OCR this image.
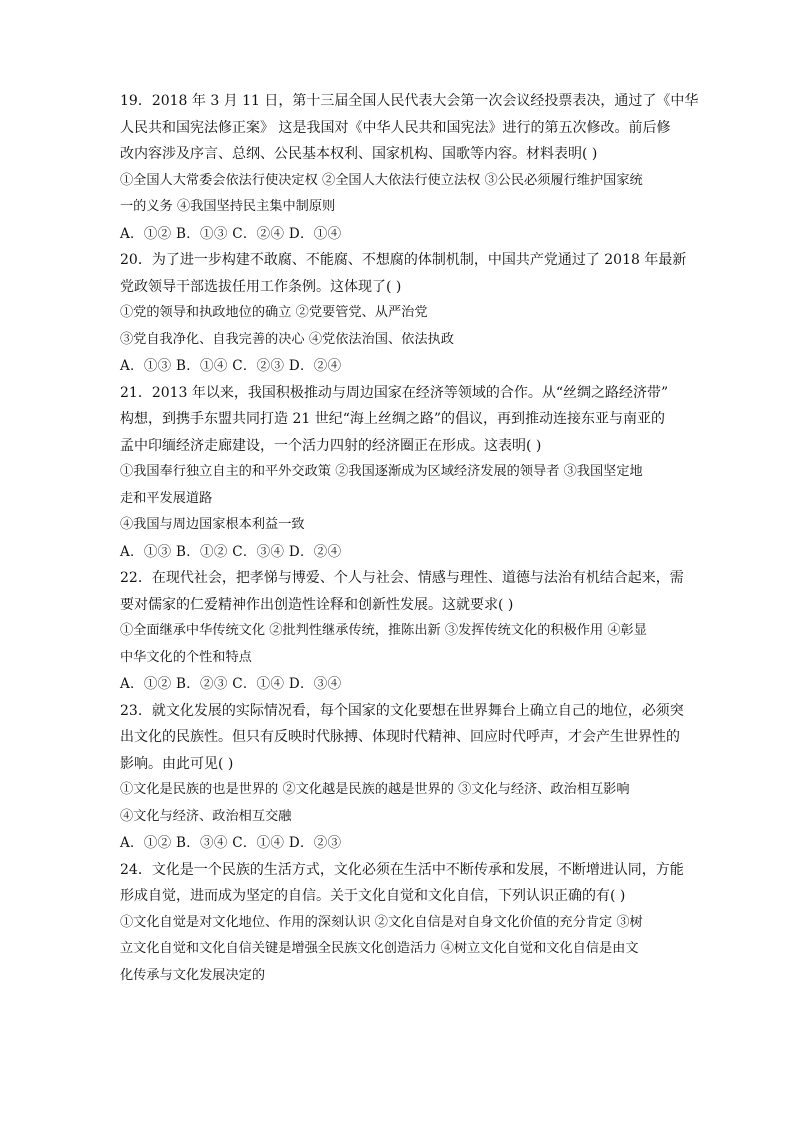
19．2018 年 3 月 11 日，第十三届全国人民代表大会第一次会议经投票表决，通过了《中华
人民共和国宪法修正案》 这是我国对《中华人民共和国宪法》进行的第五次修改。前后修
改内容涉及序言、总纲、公民基本权利、国家机构、国歌等内容。材料表明( )
①全国人大常委会依法行使决定权 ②全国人大依法行使立法权 ③公民必须履行维护国家统
一的义务 ④我国坚持民主集中制原则
A．①② B．①③ C．②④ D．①④
20．为了进一步构建不敢腐、不能腐、不想腐的体制机制，中国共产党通过了 2018 年最新
党政领导干部选拔任用工作条例。这体现了( )
①党的领导和执政地位的确立 ②党要管党、从严治党
③党自我净化、自我完善的决心 ④党依法治国、依法执政
A．①③ B．①④ C．②③ D．②④
21．2013 年以来，我国积极推动与周边国家在经济等领域的合作。从“丝绸之路经济带”
构想，到携手东盟共同打造 21 世纪“海上丝绸之路”的倡议，再到推动连接东亚与南亚的
孟中印缅经济走廊建设，一个活力四射的经济圈正在形成。这表明( )
①我国奉行独立自主的和平外交政策 ②我国逐渐成为区域经济发展的领导者 ③我国坚定地
走和平发展道路
④我国与周边国家根本利益一致
A．①③ B．①② C．③④ D．②④
22．在现代社会，把孝悌与博爱、个人与社会、情感与理性、道德与法治有机结合起来，需
要对儒家的仁爱精神作出创造性诠释和创新性发展。这就要求( )
①全面继承中华传统文化 ②批判性继承传统，推陈出新 ③发挥传统文化的积极作用 ④彰显
中华文化的个性和特点
A．①② B．②③ C．①④ D．③④
23．就文化发展的实际情况看，每个国家的文化要想在世界舞台上确立自己的地位，必须突
出文化的民族性。但只有反映时代脉搏、体现时代精神、回应时代呼声，才会产生世界性的
影响。由此可见( )
①文化是民族的也是世界的 ②文化越是民族的越是世界的 ③文化与经济、政治相互影响
④文化与经济、政治相互交融
A．①② B．③④ C．①④ D．②③
24．文化是一个民族的生活方式，文化必须在生活中不断传承和发展，不断增进认同，方能
形成自觉，进而成为坚定的自信。关于文化自觉和文化自信，下列认识正确的有( )
①文化自觉是对文化地位、作用的深刻认识 ②文化自信是对自身文化价值的充分肯定 ③树
立文化自觉和文化自信关键是增强全民族文化创造活力 ④树立文化自觉和文化自信是由文
化传承与文化发展决定的
